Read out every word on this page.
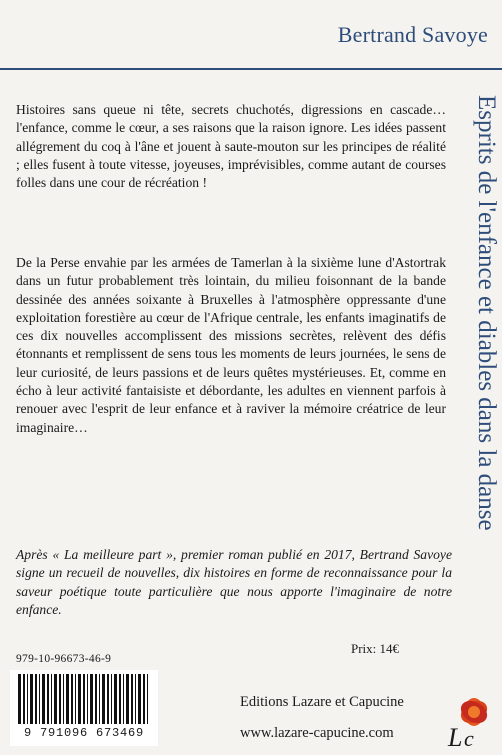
Bertrand Savoye
Esprits de l'enfance et diables dans la danse

Histoires sans queue ni tête, secrets chuchotés, digressions en cascade… l'enfance, comme le cœur, a ses raisons que la raison ignore. Les idées passent allégrement du coq à l'âne et jouent à saute-mouton sur les principes de réalité ; elles fusent à toute vitesse, joyeuses, imprévisibles, comme autant de courses folles dans une cour de récréation !

De la Perse envahie par les armées de Tamerlan à la sixième lune d'Astortrak dans un futur probablement très lointain, du milieu foisonnant de la bande dessinée des années soixante à Bruxelles à l'atmosphère oppressante d'une exploitation forestière au cœur de l'Afrique centrale, les enfants imaginatifs de ces dix nouvelles accomplissent des missions secrètes, relèvent des défis étonnants et remplissent de sens tous les moments de leurs journées, le sens de leur curiosité, de leurs passions et de leurs quêtes mystérieuses. Et, comme en écho à leur activité fantaisiste et débordante, les adultes en viennent parfois à renouer avec l'esprit de leur enfance et à raviver la mémoire créatrice de leur imaginaire…

Après « La meilleure part », premier roman publié en 2017, Bertrand Savoye signe un recueil de nouvelles, dix histoires en forme de reconnaissance pour la saveur poétique toute particulière que nous apporte l'imaginaire de notre enfance.

Prix: 14€
979-10-96673-46-9
9 791096 673469
Editions Lazare et Capucine
www.lazare-capucine.com L c
